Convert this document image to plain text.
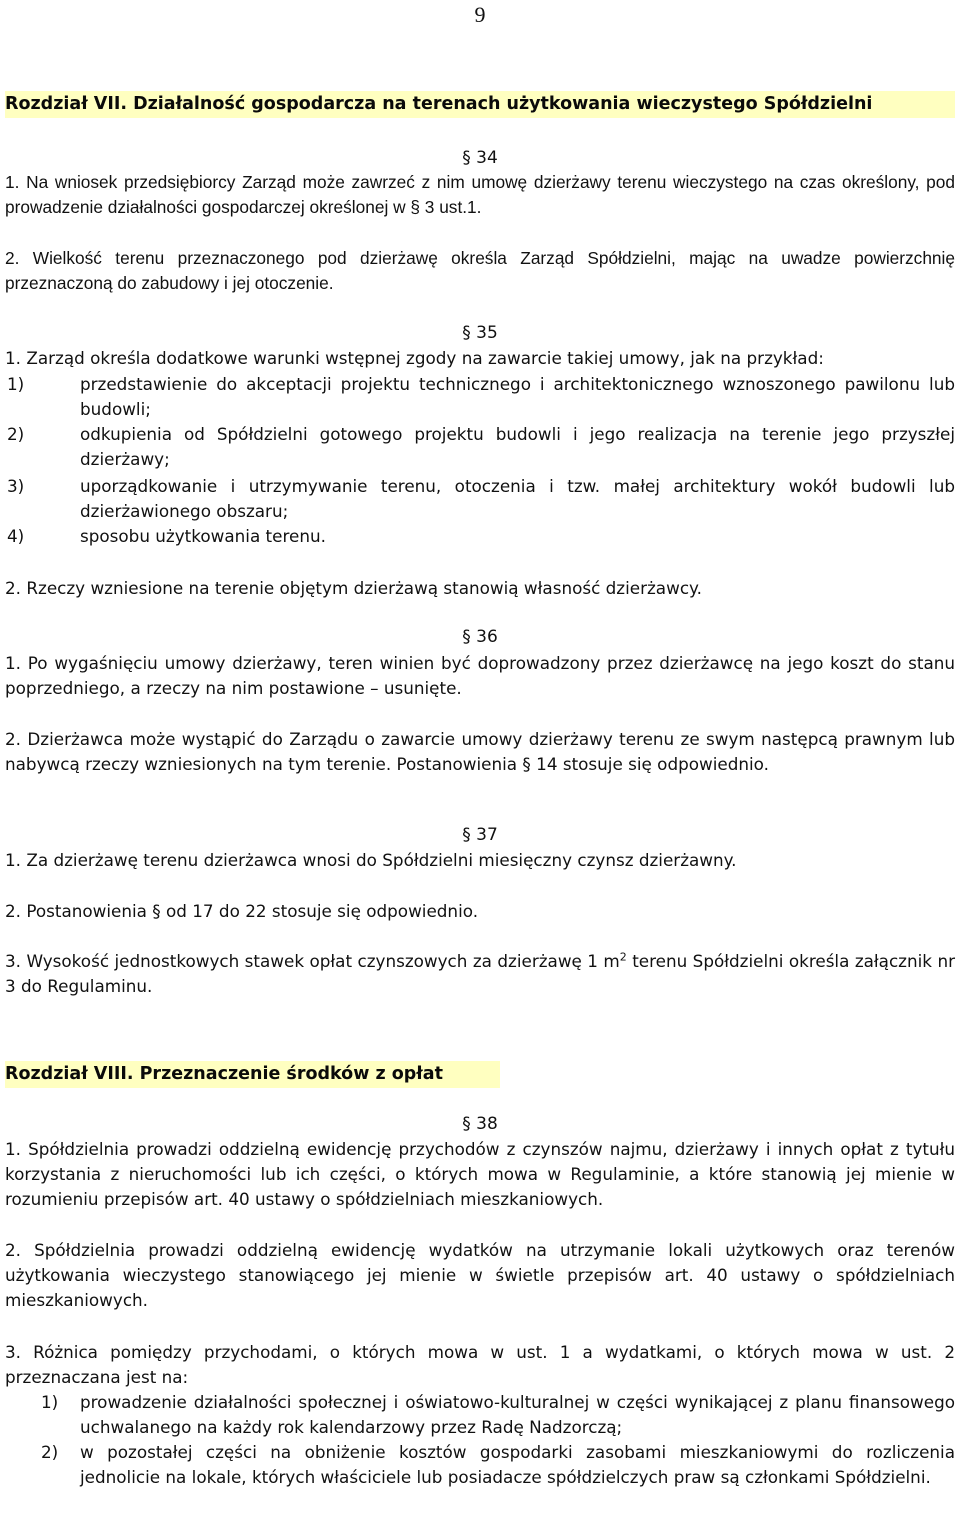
9
Rozdział VII. Działalność gospodarcza na terenach użytkowania wieczystego Spółdzielni
§ 34
1. Na wniosek przedsiębiorcy Zarząd może zawrzeć z nim umowę dzierżawy terenu wieczystego na czas określony, pod prowadzenie działalności gospodarczej określonej w § 3 ust.1.
2. Wielkość terenu przeznaczonego pod dzierżawę określa Zarząd Spółdzielni, mając na uwadze powierzchnię przeznaczoną do zabudowy i jej otoczenie.
§ 35
1. Zarząd określa dodatkowe warunki wstępnej zgody na zawarcie takiej umowy, jak na przykład:
1)	przedstawienie do akceptacji projektu technicznego i architektonicznego wznoszonego pawilonu lub budowli;
2)	odkupienia od Spółdzielni gotowego projektu budowli i jego realizacja na terenie jego przyszłej dzierżawy;
3)	uporządkowanie i utrzymywanie terenu, otoczenia i tzw. małej architektury wokół budowli lub dzierżawionego obszaru;
4)	sposobu użytkowania terenu.
2. Rzeczy wzniesione na terenie objętym dzierżawą stanowią własność dzierżawcy.
§ 36
1. Po wygaśnięciu umowy dzierżawy, teren winien być doprowadzony przez dzierżawcę na jego koszt do stanu poprzedniego, a rzeczy na nim postawione – usunięte.
2. Dzierżawca może wystąpić do Zarządu o zawarcie umowy dzierżawy terenu ze swym następcą prawnym lub nabywcą rzeczy wzniesionych na tym terenie. Postanowienia § 14 stosuje się odpowiednio.
§ 37
1. Za dzierżawę terenu dzierżawca wnosi do Spółdzielni miesięczny czynsz dzierżawny.
2. Postanowienia § od 17 do 22 stosuje się odpowiednio.
3. Wysokość jednostkowych stawek opłat czynszowych za dzierżawę 1 $m^2$ terenu Spółdzielni określa załącznik nr 3 do Regulaminu.
Rozdział VIII. Przeznaczenie środków z opłat
§ 38
1. Spółdzielnia prowadzi oddzielną ewidencję przychodów z czynszów najmu, dzierżawy i innych opłat z tytułu korzystania z nieruchomości lub ich części, o których mowa w Regulaminie, a które stanowią jej mienie w rozumieniu przepisów art. 40 ustawy o spółdzielniach mieszkaniowych.
2. Spółdzielnia prowadzi oddzielną ewidencję wydatków na utrzymanie lokali użytkowych oraz terenów użytkowania wieczystego stanowiącego jej mienie w świetle przepisów art. 40 ustawy o spółdzielniach mieszkaniowych.
3. Różnica pomiędzy przychodami, o których mowa w ust. 1 a wydatkami, o których mowa w ust. 2 przeznaczana jest na:
1)	prowadzenie działalności społecznej i oświatowo-kulturalnej w części wynikającej z planu finansowego uchwalanego na każdy rok kalendarzowy przez Radę Nadzorczą;
2)	w pozostałej części na obniżenie kosztów gospodarki zasobami mieszkaniowymi do rozliczenia jednolicie na lokale, których właściciele lub posiadacze spółdzielczych praw są członkami Spółdzielni.
